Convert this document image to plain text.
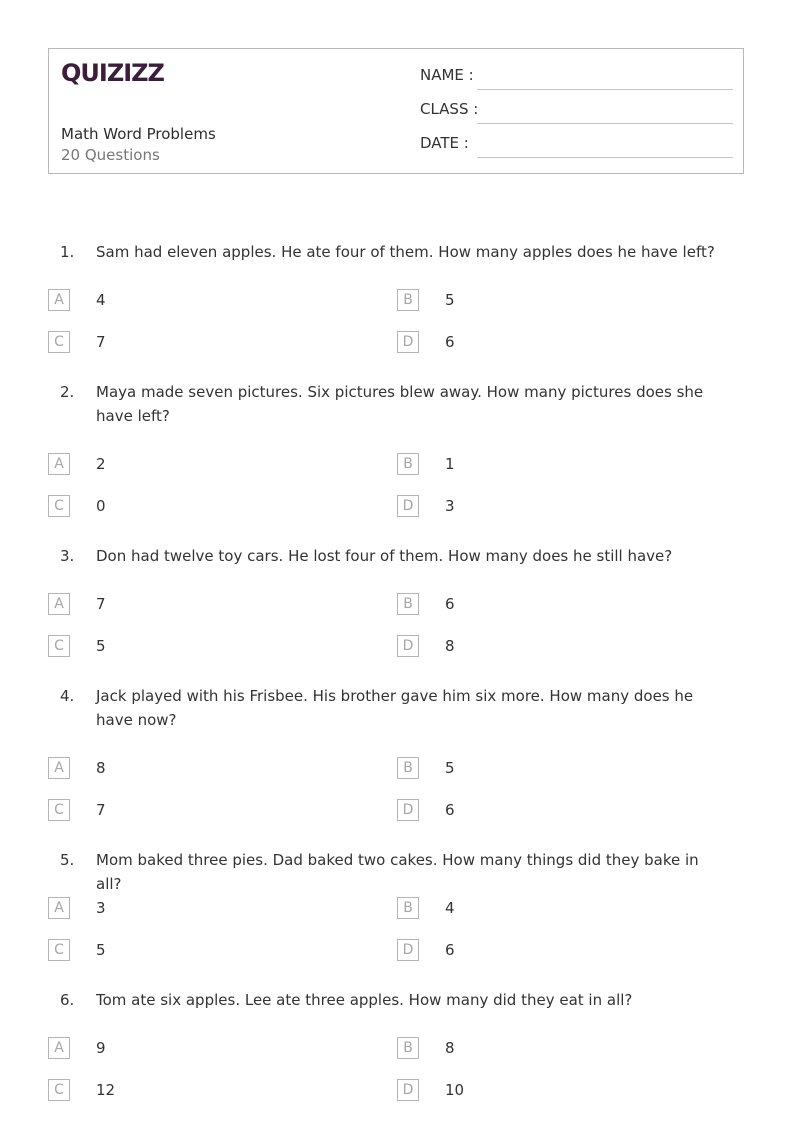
QUIZIZZ
Math Word Problems
20 Questions
NAME :
CLASS :
DATE :
1. Sam had eleven apples. He ate four of them. How many apples does he have left?
A	4	B	5
C	7	D	6
2. Maya made seven pictures. Six pictures blew away. How many pictures does she have left?
A	2	B	1
C	0	D	3
3. Don had twelve toy cars. He lost four of them. How many does he still have?
A	7	B	6
C	5	D	8
4. Jack played with his Frisbee. His brother gave him six more. How many does he have now?
A	8	B	5
C	7	D	6
5. Mom baked three pies. Dad baked two cakes. How many things did they bake in all?
A	3	B	4
C	5	D	6
6. Tom ate six apples. Lee ate three apples. How many did they eat in all?
A	9	B	8
C	12	D	10
